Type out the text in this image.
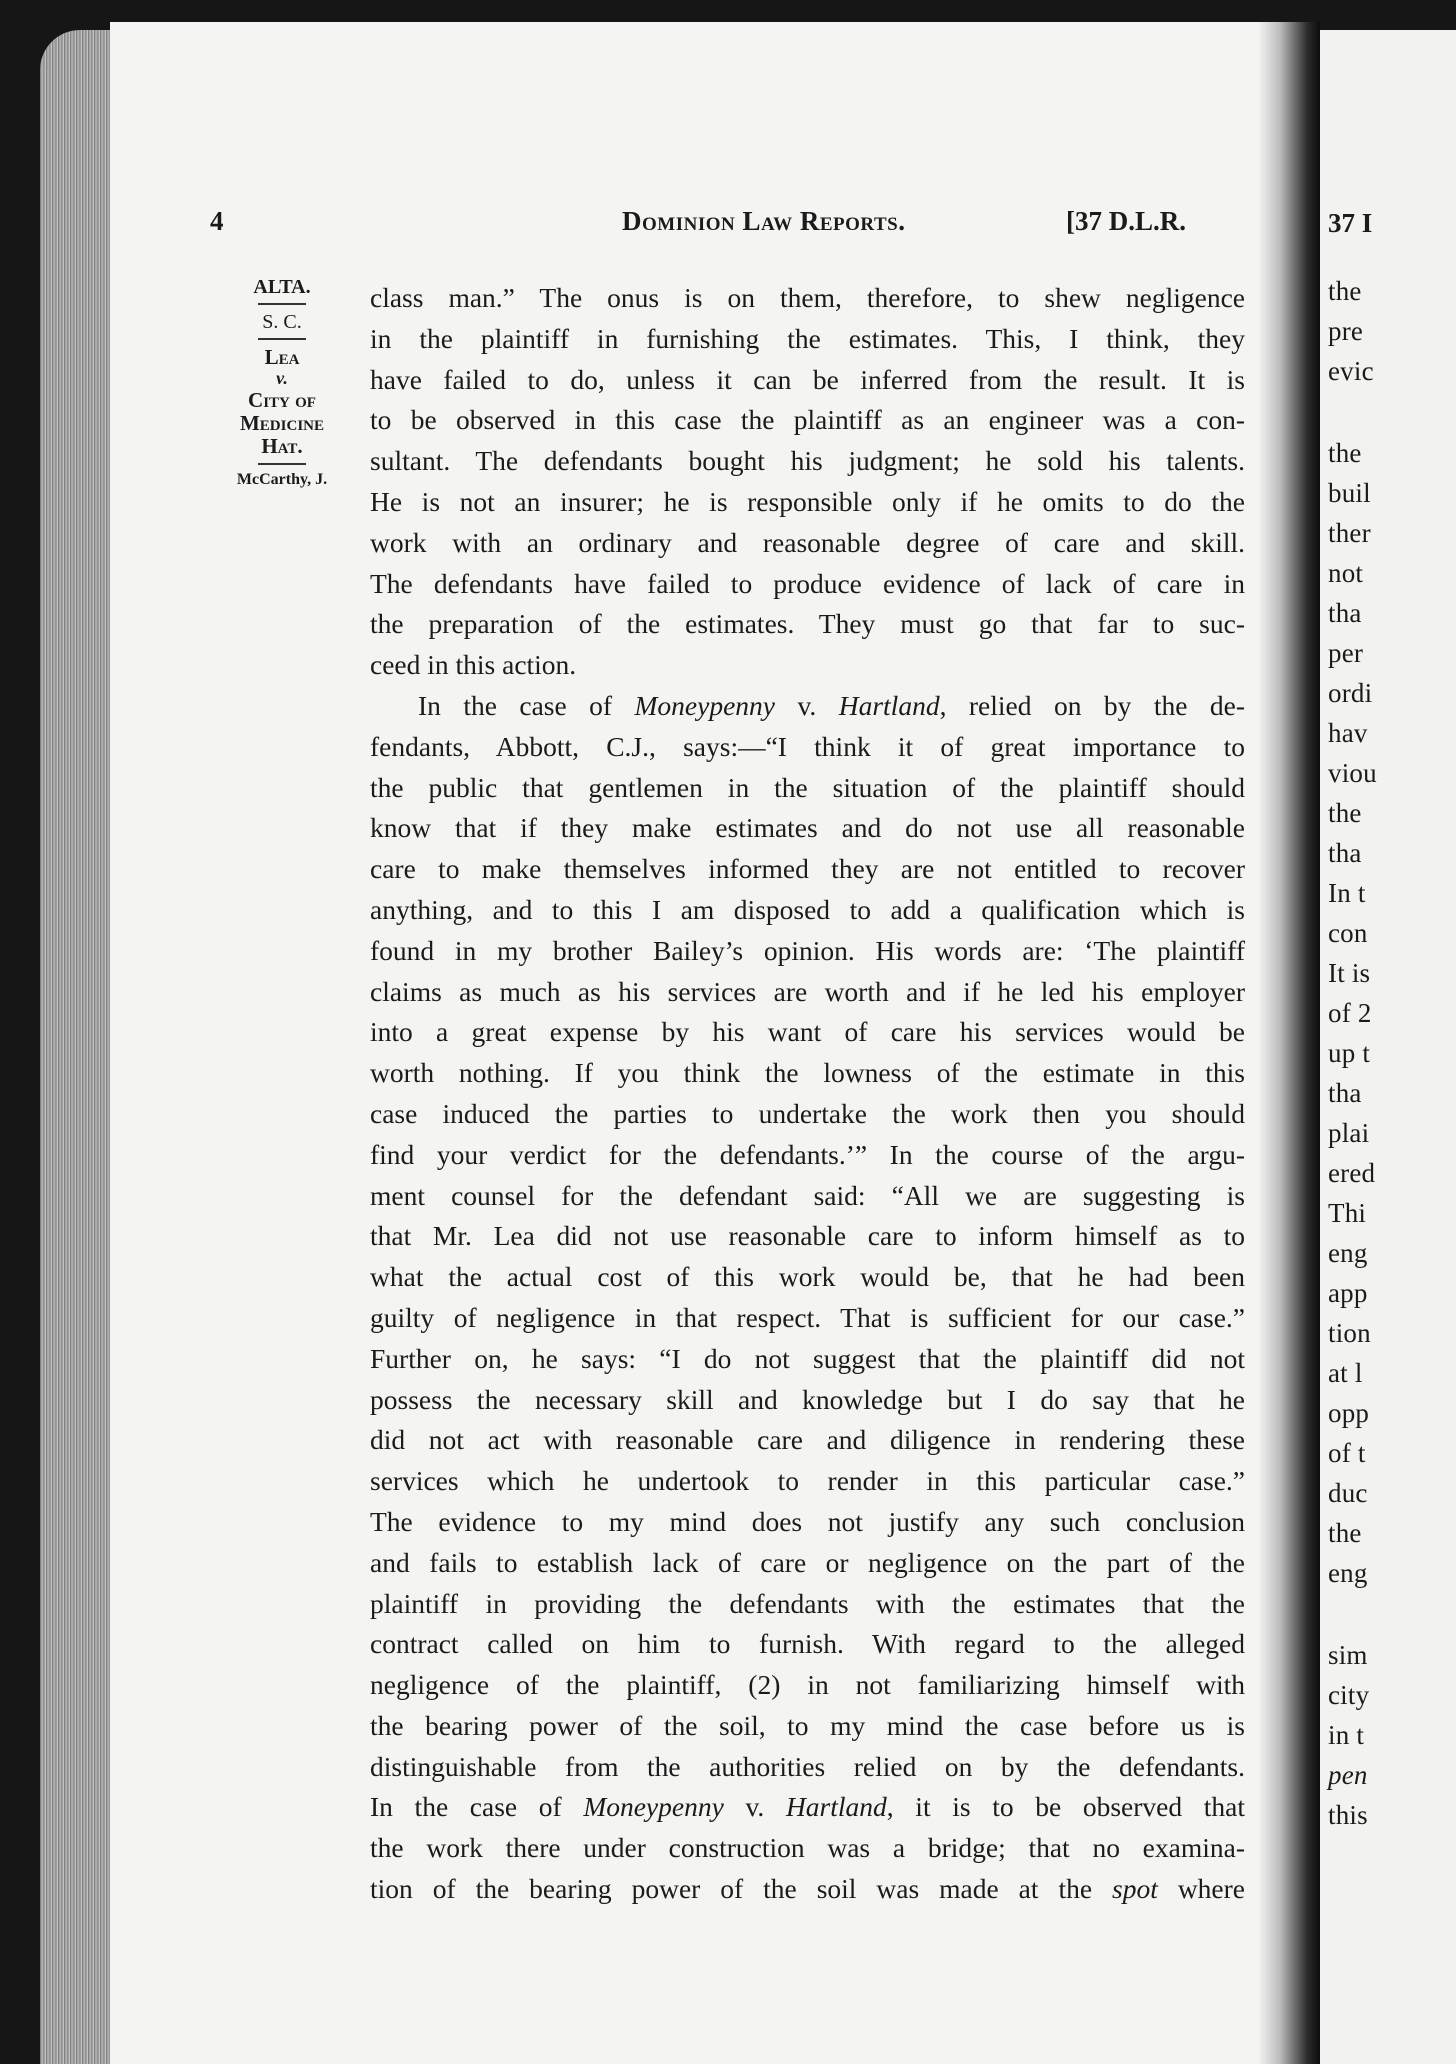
37 I
the
pre
evic
the
buil
ther
not
tha
per
ordi
hav
viou
the
tha
In t
con
It is
of 2
up t
tha
plai
ered
Thi
eng
app
tion
at l
opp
of t
duc
the
eng
sim
city
in t
pen
this
4	Dominion Law Reports.	[37 D.L.R.
ALTA.
S. C.
Lea
v.
City of
Medicine
Hat.
McCarthy, J.
class man.” The onus is on them, therefore, to shew negligence
in the plaintiff in furnishing the estimates. This, I think, they
have failed to do, unless it can be inferred from the result. It is
to be observed in this case the plaintiff as an engineer was a con-
sultant. The defendants bought his judgment; he sold his talents.
He is not an insurer; he is responsible only if he omits to do the
work with an ordinary and reasonable degree of care and skill.
The defendants have failed to produce evidence of lack of care in
the preparation of the estimates. They must go that far to suc-
ceed in this action.
In the case of Moneypenny v. Hartland, relied on by the de-
fendants, Abbott, C.J., says:—“I think it of great importance to
the public that gentlemen in the situation of the plaintiff should
know that if they make estimates and do not use all reasonable
care to make themselves informed they are not entitled to recover
anything, and to this I am disposed to add a qualification which is
found in my brother Bailey’s opinion. His words are: ‘The plaintiff
claims as much as his services are worth and if he led his employer
into a great expense by his want of care his services would be
worth nothing. If you think the lowness of the estimate in this
case induced the parties to undertake the work then you should
find your verdict for the defendants.’” In the course of the argu-
ment counsel for the defendant said: “All we are suggesting is
that Mr. Lea did not use reasonable care to inform himself as to
what the actual cost of this work would be, that he had been
guilty of negligence in that respect. That is sufficient for our case.”
Further on, he says: “I do not suggest that the plaintiff did not
possess the necessary skill and knowledge but I do say that he
did not act with reasonable care and diligence in rendering these
services which he undertook to render in this particular case.”
The evidence to my mind does not justify any such conclusion
and fails to establish lack of care or negligence on the part of the
plaintiff in providing the defendants with the estimates that the
contract called on him to furnish. With regard to the alleged
negligence of the plaintiff, (2) in not familiarizing himself with
the bearing power of the soil, to my mind the case before us is
distinguishable from the authorities relied on by the defendants.
In the case of Moneypenny v. Hartland, it is to be observed that
the work there under construction was a bridge; that no examina-
tion of the bearing power of the soil was made at the spot where
